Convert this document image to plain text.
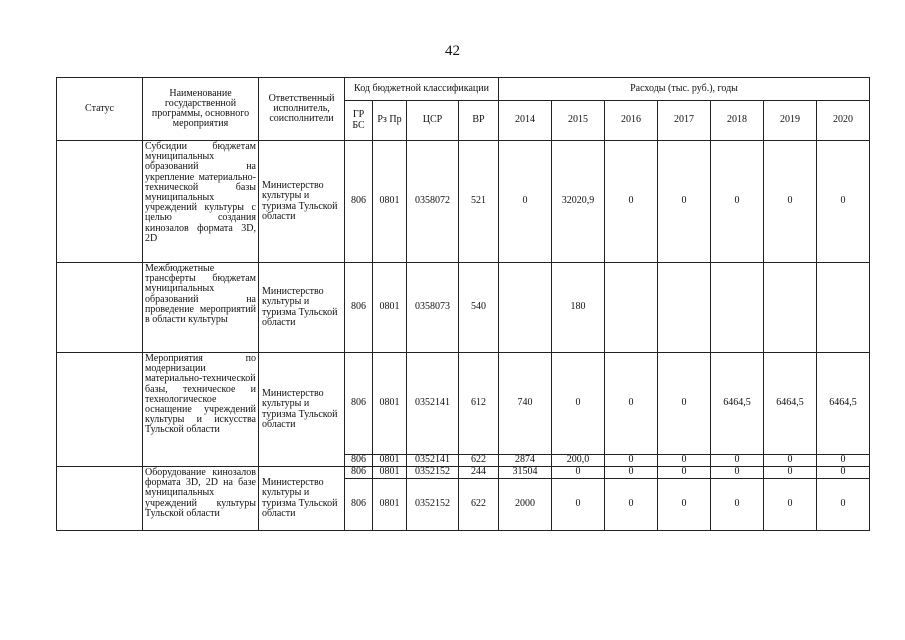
42
Статус	Наименование государственной программы, основного мероприятия	Ответственный исполнитель, соисполнители	Код бюджетной классификации				Расходы (тыс. руб.), годы						
			ГР БС	Рз Пр	ЦСР	ВР	2014	2015	2016	2017	2018	2019	2020
	Субсидии бюджетам муниципальных образований на укрепление материально-технической базы муниципальных учреждений культуры с целью создания кинозалов формата 3D, 2D	Министерство культуры и туризма Тульской области	806	0801	0358072	521	0	32020,9	0	0	0	0	0
	Межбюджетные трансферты бюджетам муниципальных образований на проведение мероприятий в области культуры	Министерство культуры и туризма Тульской области	806	0801	0358073	540		180					
	Мероприятия по модернизации материально-технической базы, техническое и технологическое оснащение учреждений культуры и искусства Тульской области	Министерство культуры и туризма Тульской области	806	0801	0352141	612	740	0	0	0	6464,5	6464,5	6464,5
			806	0801	0352141	622	2874	200,0	0	0	0	0	0
	Оборудование кинозалов формата 3D, 2D на базе муниципальных учреждений культуры Тульской области	Министерство культуры и туризма Тульской области	806	0801	0352152	244	31504	0	0	0	0	0	0
			806	0801	0352152	622	2000	0	0	0	0	0	0
